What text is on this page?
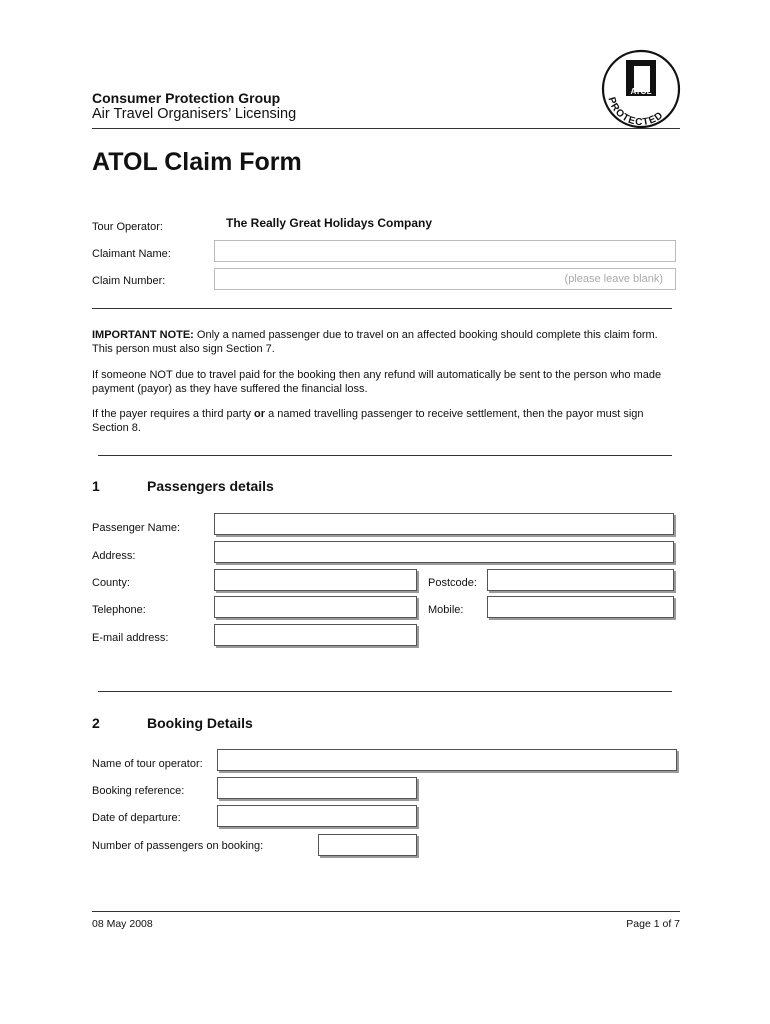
Consumer Protection Group
Air Travel Organisers’ Licensing
ATOL
PROTECTED
ATOL Claim Form
Tour Operator:	The Really Great Holidays Company
Claimant Name:
Claim Number:	(please leave blank)
IMPORTANT NOTE: Only a named passenger due to travel on an affected booking should complete this claim form. This person must also sign Section 7.
If someone NOT due to travel paid for the booking then any refund will automatically be sent to the person who made payment (payor) as they have suffered the financial loss.
If the payer requires a third party or a named travelling passenger to receive settlement, then the payor must sign Section 8.
1	Passengers details
Passenger Name:
Address:
County:	Postcode:
Telephone:	Mobile:
E-mail address:
2	Booking Details
Name of tour operator:
Booking reference:
Date of departure:
Number of passengers on booking:
08 May 2008	Page 1 of 7
